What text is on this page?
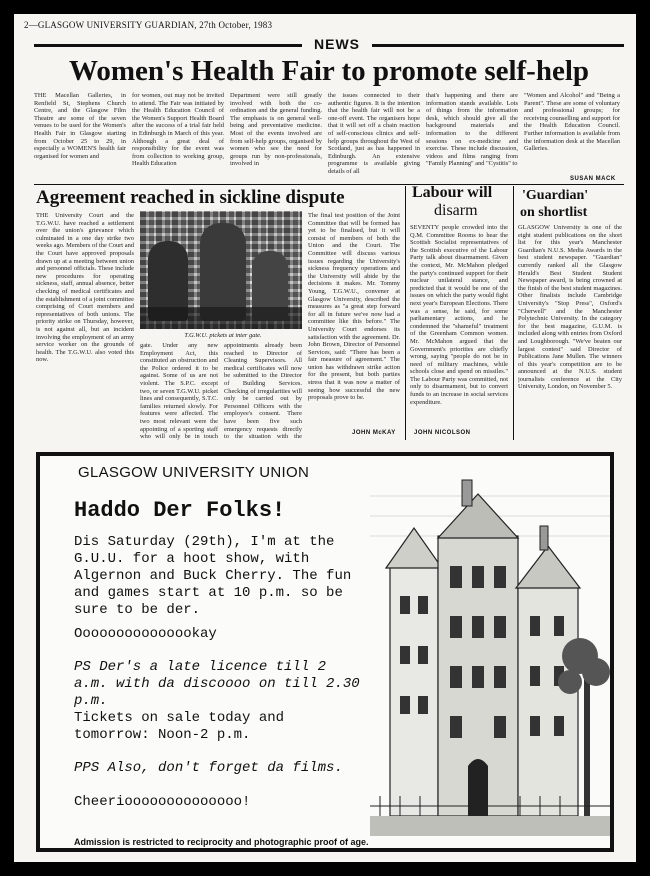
2—GLASGOW UNIVERSITY GUARDIAN, 27th October, 1983
NEWS
Women's Health Fair to promote self-help
THE Macellan Galleries, in Renfield St, Stephens Church Centre, and the Glasgow Film Theatre are some of the seven venues to be used for the Women's Health Fair in Glasgow starting from October 25 to 29, in especially a WOMEN'S health fair organised for women and
for women, out may not be invited to attend. The Fair was initiated by the Health Education Council of the Women's Support Health Board after the success of a trial fair held in Edinburgh in March of this year. Although a great deal of responsibility for the event was from collection to working group, Health Education
Department were still greatly involved with both the co-ordination and the general funding. The emphasis is on general well-being and preventative medicine. Most of the events involved are from self-help groups, organised by women who see the need for groups run by non-professionals, involved in
the issues connected to their authentic figures. It is the intention that the health fair will not be a one-off event. The organisers hope that it will set off a chain reaction of self-conscious clinics and self-help groups throughout the West of Scotland, just as has happened in Edinburgh. An extensive programme is available giving details of all
that's happening and there are information stands available. Lots of things from the information desk, which should give all the background materials and information to the different sessions on ex-medicine and exercise. These include discussion, videos and films ranging from "Family Planning" and "Cystitis" to
"Women and Alcohol" and "Being a Parent". These are some of voluntary and professional groups; for receiving counselling and support for the Health Education Council. Further information is available from the information desk at the Macellan Galleries.
SUSAN MACK
Agreement reached in sickline dispute
THE University Court and the T.G.W.U. have reached a settlement over the union's grievance which culminated in a one day strike two weeks ago. Members of the Court and the Court have approved proposals drawn up at a meeting between union and personnel officials. These include new procedures for operating sickness, staff, annual absence, better checking of medical certificates and the establishment of a joint committee comprising of Court members and representatives of both unions. The priority strike on Thursday, however, is not against all, but an incident involving the employment of an army service worker on the grounds of health. The T.G.W.U. also voted this now.
T.G.W.U. pickets at inter gate.
gate. Under any new Employment Act, this constituted an obstruction and the Police ordered it to be against. Some of us are not violent. The S.P.C. except two, or seven T.G.W.U. picket lines and consequently, S.T.C. families returned slowly. For features were affected. The two most relevant were the appointing of a sporting staff who will only be in touch
appointments already been reached to Director of Cleaning Supervisors. All medical certificates will now be submitted to the Director of Building Services. Checking of irregularities will only be carried out by Personnel Officers with the employee's consent. There have been five such emergency requests directly to the situation with the
The final test position of the Joint Committee that will be formed has yet to be finalised, but it will consist of members of both the Union and the Court. The Committee will discuss various issues regarding the University's sickness frequency operations and the University will abide by the decisions it makes. Mr. Tommy Young, T.G.W.U., convener at Glasgow University, described the measures as "a great step forward for all in future we've now had a committee like this before." The University Court endorses its satisfaction with the agreement. Dr. John Brown, Director of Personnel Services, said: "There has been a fair measure of agreement." The union has withdrawn strike action for the present, but both parties stress that it was now a matter of seeing how successful the new proposals prove to be.
JOHN McKAY
Labour will
disarm
SEVENTY people crowded into the Q.M. Committee Rooms to hear the Scottish Socialist representatives of the Scottish executive of the Labour Party talk about disarmament. Given the context, Mr. McMahon pledged the party's continued support for their nuclear unilateral stance, and predicted that it would be one of the issues on which the party would fight next year's European Elections. There was a sense, he said, for some parliamentary actions, and he condemned the "shameful" treatment of the Greenham Common women. Mr. McMahon argued that the Government's priorities are chiefly wrong, saying "people do not be in need of military machines, while schools close and spend on missiles." The Labour Party was committed, not only to disarmament, but to convert funds to an increase in social services expenditure.
JOHN NICOLSON
'Guardian'
on shortlist
GLASGOW University is one of the eight student publications on the short list for this year's Manchester Guardian's N.U.S. Media Awards in the best student newspaper. "Guardian" currently ranked all the Glasgow Herald's Best Student Student Newspaper award, is being crowned at the finish of the best student magazines. Other finalists include Cambridge University's "Stop Press", Oxford's "Cherwell" and the Manchester Polytechnic University. In the category for the best magazine, G.U.M. is included along with entries from Oxford and Loughborough. "We've beaten our largest contest" said Director of Publications Jane Mullen. The winners of this year's competition are to be announced at the N.U.S. student journalists conference at the City University, London, on November 5.
GLASGOW UNIVERSITY UNION
Haddo Der Folks!

Dis Saturday (29th), I'm at the G.U.U. for a hoot show, with Algernon and Buck Cherry. The fun and games start at 10 p.m. so be sure to be der.

Ooooooooooooookay

PS Der's a late licence till 2 a.m. with da discoooo on till 2.30 p.m.

Tickets on sale today and tomorrow: Noon-2 p.m.

PPS Also, don't forget da films.

Cheerioooooooooooooo!

Admission is restricted to reciprocity and photographic proof of age.
